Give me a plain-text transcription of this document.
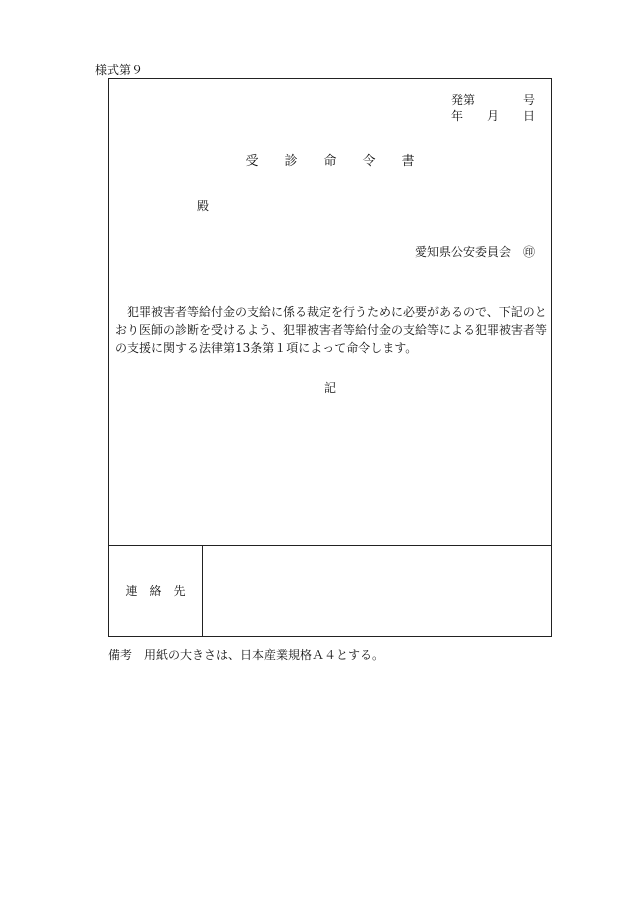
様式第９
発第　　　　号
年　　月　　日
受　　診　　命　　令　　書
殿
愛知県公安委員会　㊞
犯罪被害者等給付金の支給に係る裁定を行うために必要があるので、下記のとおり医師の診断を受けるよう、犯罪被害者等給付金の支給等による犯罪被害者等の支援に関する法律第13条第１項によって命令します。
記
連　絡　先
備考　用紙の大きさは、日本産業規格Ａ４とする。
